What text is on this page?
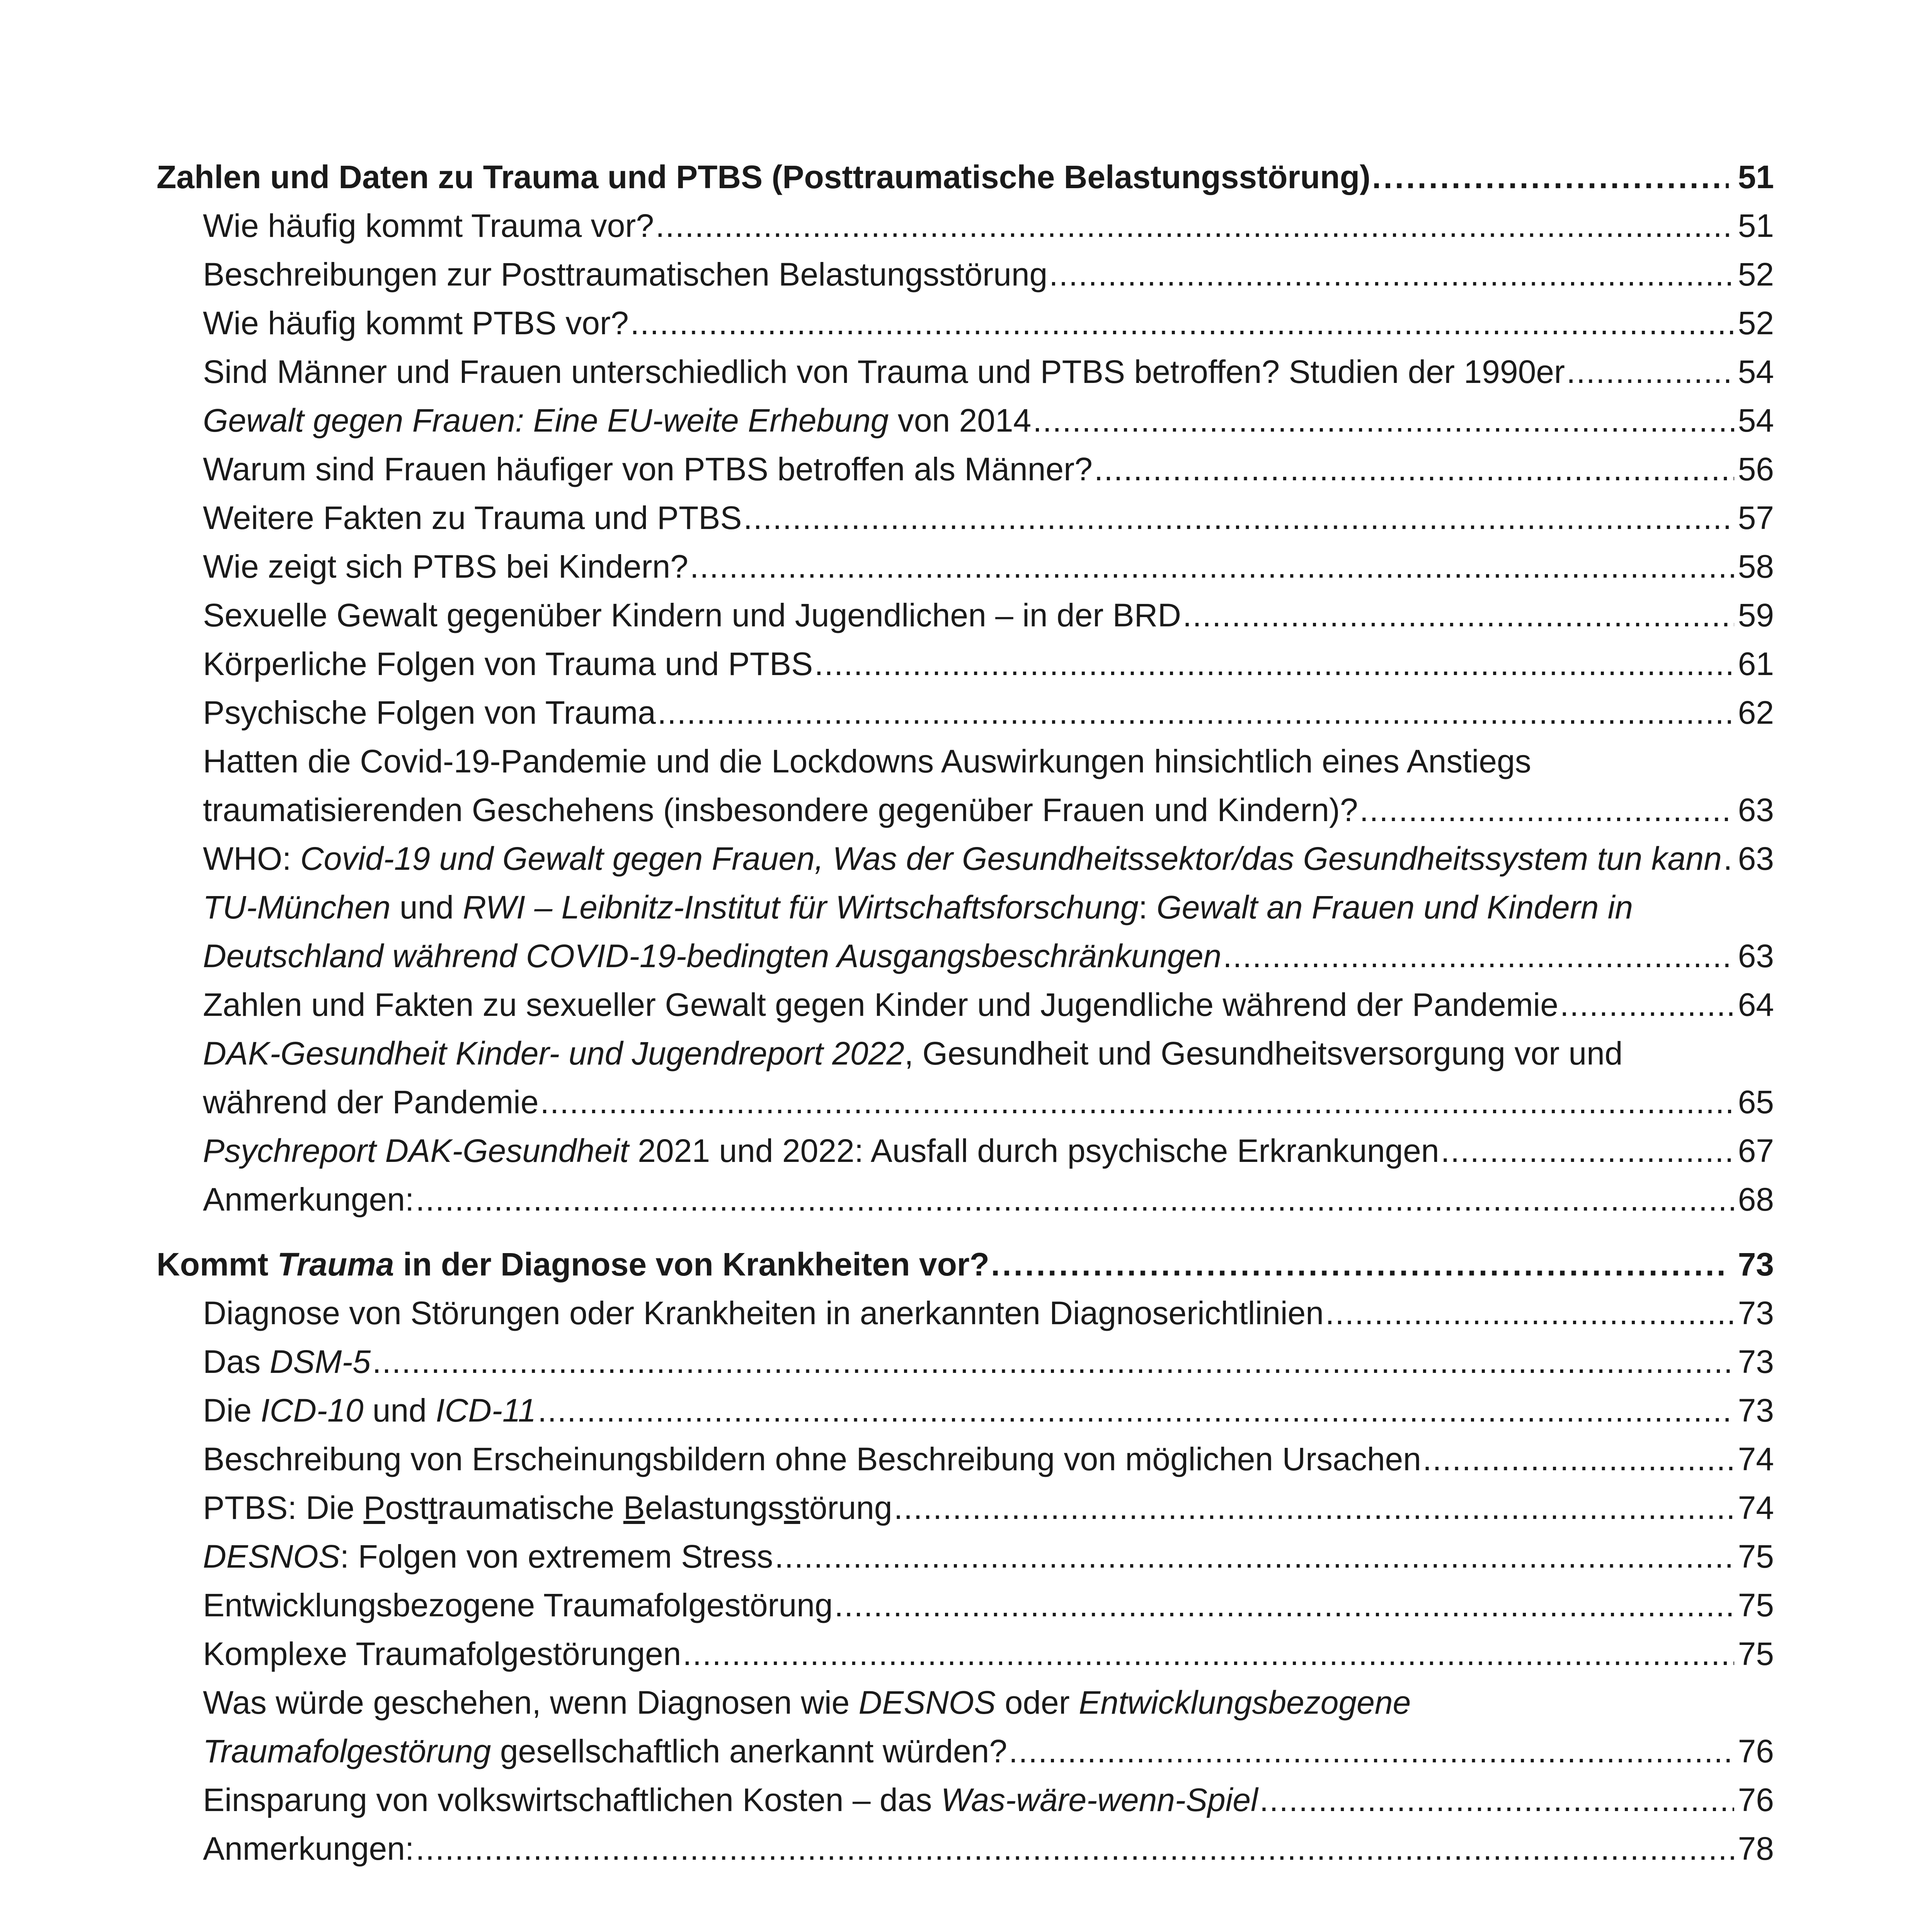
Zahlen und Daten zu Trauma und PTBS (Posttraumatische Belastungsstörung) .....	51
Wie häufig kommt Trauma vor? .....	51
Beschreibungen zur Posttraumatischen Belastungsstörung .....	52
Wie häufig kommt PTBS vor? .....	52
Sind Männer und Frauen unterschiedlich von Trauma und PTBS betroffen? Studien der 1990er .....	54
Gewalt gegen Frauen: Eine EU-weite Erhebung von 2014 .....	54
Warum sind Frauen häufiger von PTBS betroffen als Männer? .....	56
Weitere Fakten zu Trauma und PTBS .....	57
Wie zeigt sich PTBS bei Kindern? .....	58
Sexuelle Gewalt gegenüber Kindern und Jugendlichen – in der BRD .....	59
Körperliche Folgen von Trauma und PTBS .....	61
Psychische Folgen von Trauma .....	62
Hatten die Covid-19-Pandemie und die Lockdowns Auswirkungen hinsichtlich eines Anstiegs
traumatisierenden Geschehens (insbesondere gegenüber Frauen und Kindern)? .....	63
WHO: Covid-19 und Gewalt gegen Frauen, Was der Gesundheitssektor/das Gesundheitssystem tun kann ..... 63
TU-München und RWI – Leibnitz-Institut für Wirtschaftsforschung: Gewalt an Frauen und Kindern in
Deutschland während COVID-19-bedingten Ausgangsbeschränkungen .....	63
Zahlen und Fakten zu sexueller Gewalt gegen Kinder und Jugendliche während der Pandemie .....	64
DAK-Gesundheit Kinder- und Jugendreport 2022, Gesundheit und Gesundheitsversorgung vor und
während der Pandemie .....	65
Psychreport DAK-Gesundheit 2021 und 2022: Ausfall durch psychische Erkrankungen .....	67
Anmerkungen: .....	68
Kommt Trauma in der Diagnose von Krankheiten vor? .....	73
Diagnose von Störungen oder Krankheiten in anerkannten Diagnoserichtlinien .....	73
Das DSM-5 .....	73
Die ICD-10 und ICD-11 .....	73
Beschreibung von Erscheinungsbildern ohne Beschreibung von möglichen Ursachen .....	74
PTBS: Die Posttraumatische Belastungsstörung .....	74
DESNOS: Folgen von extremem Stress .....	75
Entwicklungsbezogene Traumafolgestörung .....	75
Komplexe Traumafolgestörungen .....	75
Was würde geschehen, wenn Diagnosen wie DESNOS oder Entwicklungsbezogene
Traumafolgestörung gesellschaftlich anerkannt würden? .....	76
Einsparung von volkswirtschaftlichen Kosten – das Was-wäre-wenn-Spiel .....	76
Anmerkungen: .....	78
